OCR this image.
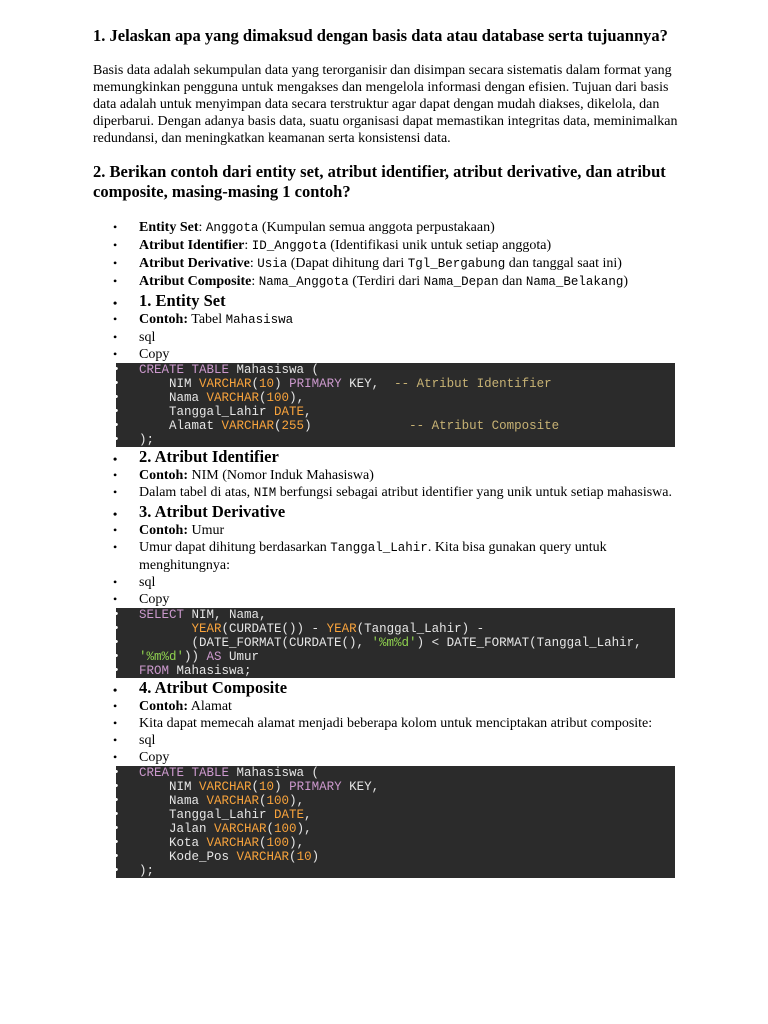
1. Jelaskan apa yang dimaksud dengan basis data atau database serta tujuannya?

Basis data adalah sekumpulan data yang terorganisir dan disimpan secara sistematis dalam format yang memungkinkan pengguna untuk mengakses dan mengelola informasi dengan efisien. Tujuan dari basis data adalah untuk menyimpan data secara terstruktur agar dapat dengan mudah diakses, dikelola, dan diperbarui. Dengan adanya basis data, suatu organisasi dapat memastikan integritas data, meminimalkan redundansi, dan meningkatkan keamanan serta konsistensi data.

2. Berikan contoh dari entity set, atribut identifier, atribut derivative, dan atribut composite, masing-masing 1 contoh?
• Entity Set: Anggota (Kumpulan semua anggota perpustakaan)
• Atribut Identifier: ID_Anggota (Identifikasi unik untuk setiap anggota)
• Atribut Derivative: Usia (Dapat dihitung dari Tgl_Bergabung dan tanggal saat ini)
• Atribut Composite: Nama_Anggota (Terdiri dari Nama_Depan dan Nama_Belakang)
• 1. Entity Set
• Contoh: Tabel Mahasiswa
• sql
• Copy
• CREATE TABLE Mahasiswa (
•     NIM VARCHAR(10) PRIMARY KEY,  -- Atribut Identifier
•     Nama VARCHAR(100),
•     Tanggal_Lahir DATE,
•     Alamat VARCHAR(255)             -- Atribut Composite
• );
• 2. Atribut Identifier
• Contoh: NIM (Nomor Induk Mahasiswa)
• Dalam tabel di atas, NIM berfungsi sebagai atribut identifier yang unik untuk setiap mahasiswa.
• 3. Atribut Derivative
• Contoh: Umur
• Umur dapat dihitung berdasarkan Tanggal_Lahir. Kita bisa gunakan query untuk menghitungnya:
• sql
• Copy
• SELECT NIM, Nama,
• YEAR(CURDATE()) - YEAR(Tanggal_Lahir) -
•        (DATE_FORMAT(CURDATE(), '%m%d') < DATE_FORMAT(Tanggal_Lahir,
• '%m%d')) AS Umur
• FROM Mahasiswa;
• 4. Atribut Composite
• Contoh: Alamat
• Kita dapat memecah alamat menjadi beberapa kolom untuk menciptakan atribut composite:
• sql
• Copy
• CREATE TABLE Mahasiswa (
•     NIM VARCHAR(10) PRIMARY KEY,
•     Nama VARCHAR(100),
•     Tanggal_Lahir DATE,
•     Jalan VARCHAR(100),
•     Kota VARCHAR(100),
•     Kode_Pos VARCHAR(10)
• );
